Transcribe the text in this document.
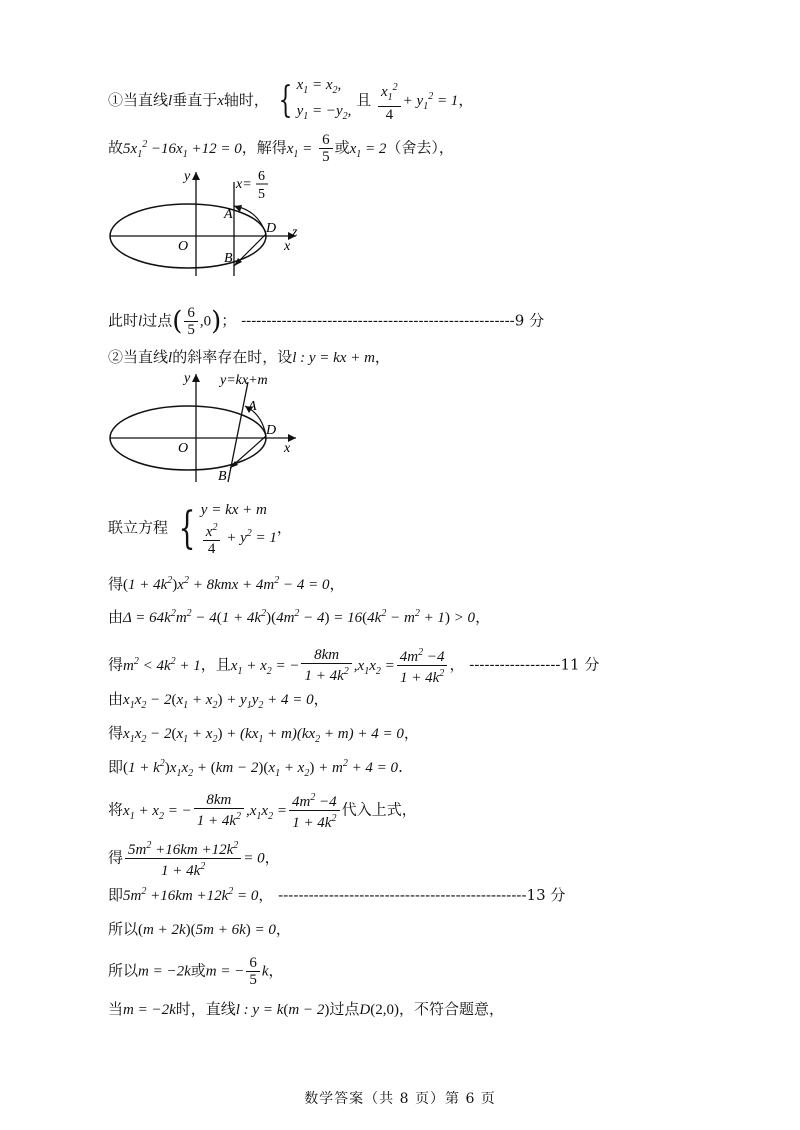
①当直线l垂直于x轴时， { $x_1 = x_2$,
$y_1 = -y_2$, 且 $\frac{x_1^2}{4} + y_1^2 = 1$，
故$5x_1^2 -16x_1 +12 = 0$，解得$x_1 = \frac{6}{5}$ 或$x_1 = 2$（舍去），
y
x
z
O
A
B
D
x=
6
5
此时l过点( $\frac{6}{5} ,0$)； ------------------------------------------------------9 分
②当直线l的斜率存在时，设l : y = kx + m，
y
x
O
A
B
D
y=kx+m
联立方程 { y = kx + m

$\frac{x^2}{4} + y^2 = 1$，
得$(1 + 4k^2)x^2 + 8kmx + 4m^2 - 4 = 0$，
由$\Delta = 64k^2m^2 - 4(1 + 4k^2)(4m^2 - 4) = 16(4k^2 - m^2 + 1) > 0$，
得$m^2 < 4k^2 + 1$，且$x_1 + x_2$ = − $\frac{8km}{1 + 4k^2} ,x_1x_2 = \frac{4m^2 -4}{1 + 4k^2}$ ， ------------------11 分
由$x_1x_2 - 2(x_1 + x_2) + y_1y_2 + 4 = 0$，
得$x_1x_2 - 2(x_1 + x_2) + (kx_1 + m)(kx_2 + m) + 4 = 0$，
即$(1 + k^2)x_1x_2 + (km - 2)(x_1 + x_2) + m^2 + 4 = 0$.
将$x_1 + x_2$ = − $\frac{8km}{1 + 4k^2} ,x_1x_2 = \frac{4m^2 -4}{1 + 4k^2}$ 代入上式，
得 $\frac{5m^2 +16km +12k^2}{1 + 4k^2} = 0$，
即$5m^2 +16km +12k^2 = 0$， -------------------------------------------------13 分
所以(m + 2k)(5m + 6k) = 0，
所以m = −2k或m = − $\frac{6}{5}$ k，
当m = −2k时，直线l : y = k(m − 2)过点D(2,0)，不符合题意，
数学答案（共 8 页）第 6 页
